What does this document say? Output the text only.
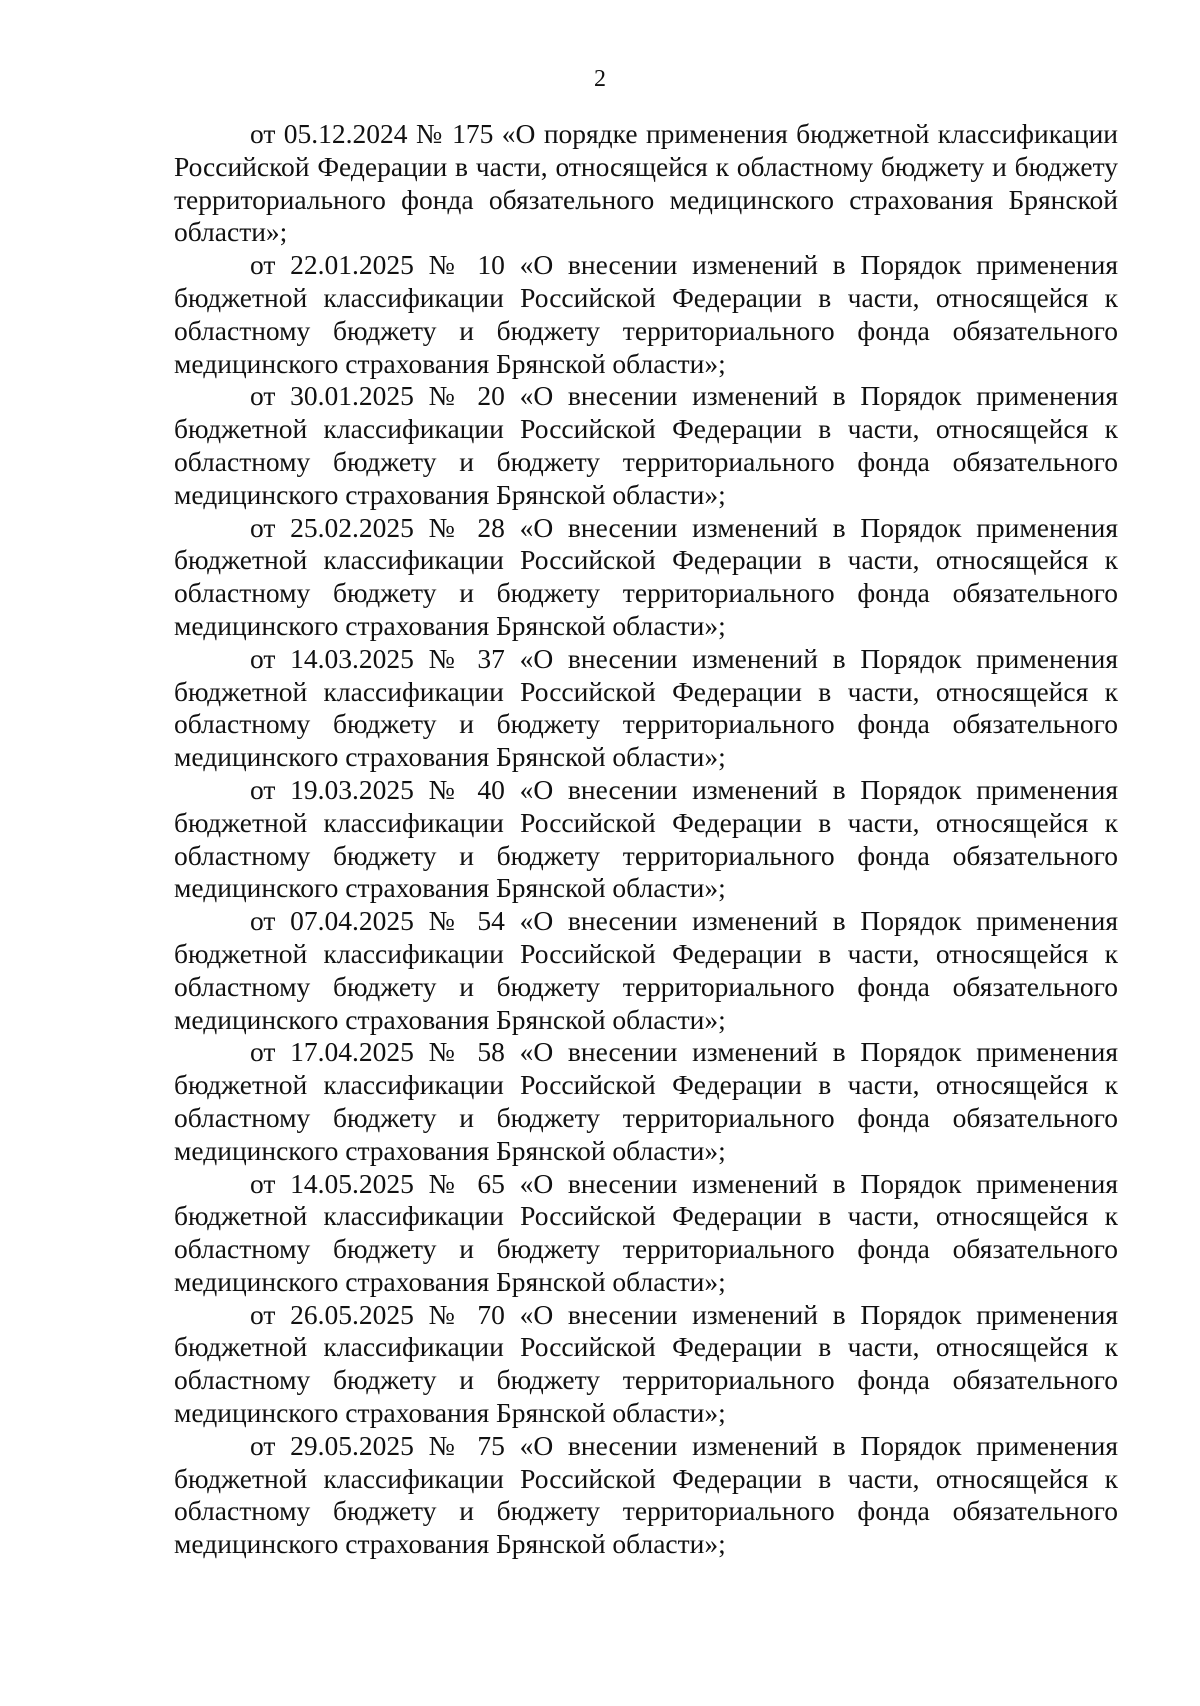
2

от 05.12.2024 № 175 «О порядке применения бюджетной классификации Российской Федерации в части, относящейся к областному бюджету и бюджету территориального фонда обязательного медицинского страхования Брянской области»;

от 22.01.2025 № 10 «О внесении изменений в Порядок применения бюджетной классификации Российской Федерации в части, относящейся к областному бюджету и бюджету территориального фонда обязательного медицинского страхования Брянской области»;

от 30.01.2025 № 20 «О внесении изменений в Порядок применения бюджетной классификации Российской Федерации в части, относящейся к областному бюджету и бюджету территориального фонда обязательного медицинского страхования Брянской области»;

от 25.02.2025 № 28 «О внесении изменений в Порядок применения бюджетной классификации Российской Федерации в части, относящейся к областному бюджету и бюджету территориального фонда обязательного медицинского страхования Брянской области»;

от 14.03.2025 № 37 «О внесении изменений в Порядок применения бюджетной классификации Российской Федерации в части, относящейся к областному бюджету и бюджету территориального фонда обязательного медицинского страхования Брянской области»;

от 19.03.2025 № 40 «О внесении изменений в Порядок применения бюджетной классификации Российской Федерации в части, относящейся к областному бюджету и бюджету территориального фонда обязательного медицинского страхования Брянской области»;

от 07.04.2025 № 54 «О внесении изменений в Порядок применения бюджетной классификации Российской Федерации в части, относящейся к областному бюджету и бюджету территориального фонда обязательного медицинского страхования Брянской области»;

от 17.04.2025 № 58 «О внесении изменений в Порядок применения бюджетной классификации Российской Федерации в части, относящейся к областному бюджету и бюджету территориального фонда обязательного медицинского страхования Брянской области»;

от 14.05.2025 № 65 «О внесении изменений в Порядок применения бюджетной классификации Российской Федерации в части, относящейся к областному бюджету и бюджету территориального фонда обязательного медицинского страхования Брянской области»;

от 26.05.2025 № 70 «О внесении изменений в Порядок применения бюджетной классификации Российской Федерации в части, относящейся к областному бюджету и бюджету территориального фонда обязательного медицинского страхования Брянской области»;

от 29.05.2025 № 75 «О внесении изменений в Порядок применения бюджетной классификации Российской Федерации в части, относящейся к областному бюджету и бюджету территориального фонда обязательного медицинского страхования Брянской области»;
